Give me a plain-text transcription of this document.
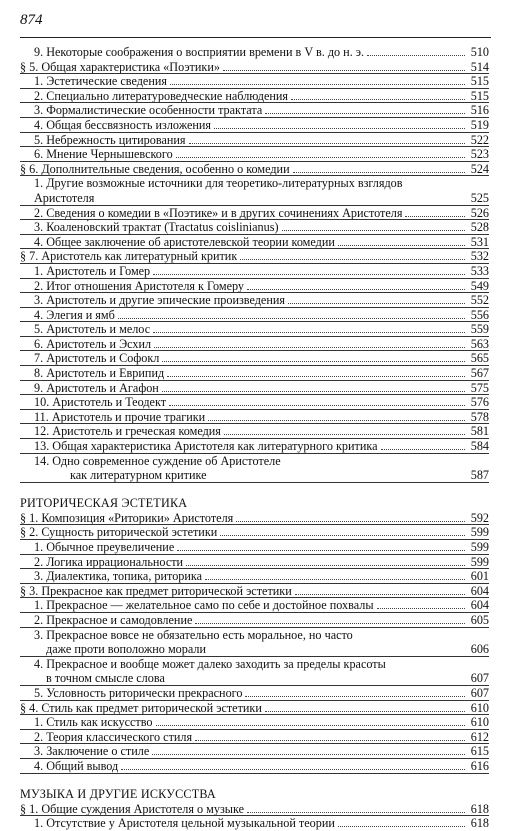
874
9. Некоторые соображения о восприятии времени в V в. до н. э.	510
§ 5. Общая характеристика «Поэтики»	514
1. Эстетические сведения	515
2. Специально литературоведческие наблюдения	515
3. Формалистические особенности трактата	516
4. Общая бессвязность изложения	519
5. Небрежность цитирования	522
6. Мнение Чернышевского	523
§ 6. Дополнительные сведения, особенно о комедии	524
1. Другие возможные источники для теоретико-литературных взглядов
Аристотеля	525
2. Сведения о комедии в «Поэтике» и в других сочинениях Аристотеля	526
3. Коалено́вский трактат (Tractatus coislinianus)	528
4. Общее заключение об аристотелевской теории комедии	531
§ 7. Аристотель как литературный критик	532
1. Аристотель и Гомер	533
2. Итог отношения Аристотеля к Гомеру	549
3. Аристотель и другие эпические произведения	552
4. Элегия и ямб	556
5. Аристотель и мелос	559
6. Аристотель и Эсхил	563
7. Аристотель и Софокл	565
8. Аристотель и Еврипид	567
9. Аристотель и Агафон	575
10. Аристотель и Теодект	576
11. Аристотель и прочие трагики	578
12. Аристотель и греческая комедия	581
13. Общая характеристика Аристотеля как литературного критика	584
14. Одно современное суждение об Аристотеле
как литературном критике	587
РИТОРИЧЕСКАЯ ЭСТЕТИКА
§ 1. Композиция «Риторики» Аристотеля	592
§ 2. Сущность риторической эстетики	599
1. Обычное преувеличение	599
2. Логика иррациональности	599
3. Диалектика, топика, риторика	601
§ 3. Прекрасное как предмет риторической эстетики	604
1. Прекрасное — желательное само по себе и достойное похвалы	604
2. Прекрасное и самодовление	605
3. Прекрасное вовсе не обязательно есть моральное, но часто
даже проти воположно морали	606
4. Прекрасное и вообще может далеко заходить за пределы красоты
в точном смысле слова	607
5. Условность риторически прекрасного	607
§ 4. Стиль как предмет риторической эстетики	610
1. Стиль как искусство	610
2. Теория классического стиля	612
3. Заключение о стиле	615
4. Общий вывод	616
МУЗЫКА И ДРУГИЕ ИСКУССТВА
§ 1. Общие суждения Аристотеля о музыке	618
1. Отсутствие у Аристотеля цельной музыкальной теории	618
